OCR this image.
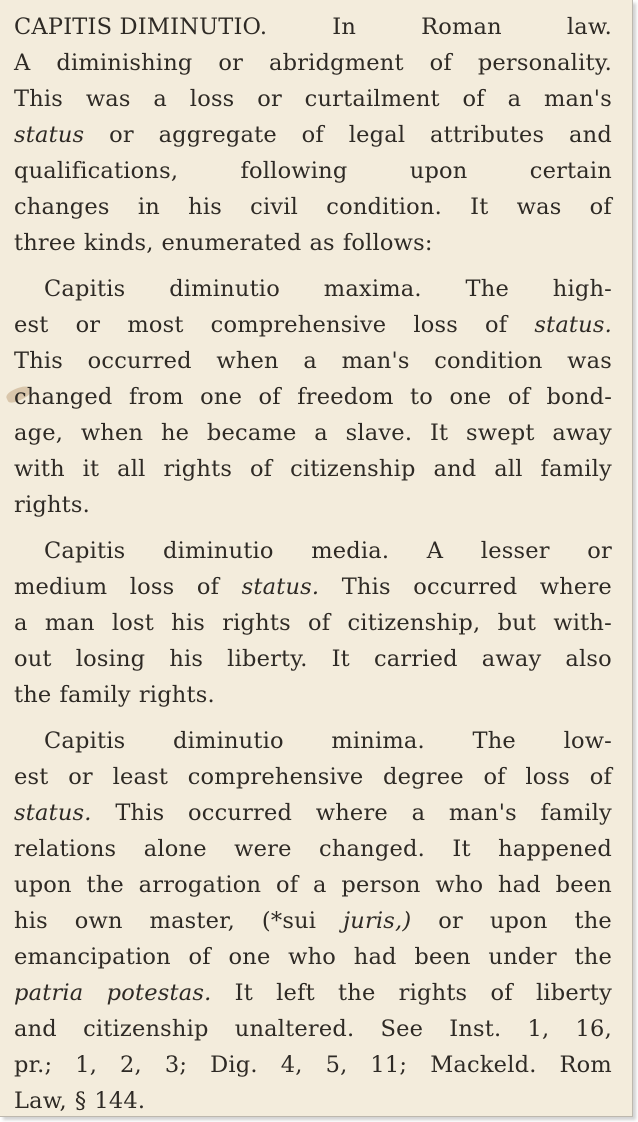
CAPITIS DIMINUTIO.	In	Roman	law.
A diminishing or abridgment of personality.
This was a loss or curtailment of a man's
status or aggregate of legal attributes and
qualifications,	following	upon	certain
changes in his civil condition. It was of
three kinds, enumerated as follows:
Capitis diminutio maxima. The high-
est or most comprehensive loss of status.
This occurred when a man's condition was
changed from one of freedom to one of bond-
age, when he became a slave. It swept away
with it all rights of citizenship and all family
rights.
Capitis diminutio media. A lesser or
medium loss of status. This occurred where
a man lost his rights of citizenship, but with-
out losing his liberty. It carried away also
the family rights.
Capitis diminutio minima. The low-
est or least comprehensive degree of loss of
status. This occurred where a man's family
relations alone were changed. It happened
upon the arrogation of a person who had been
his own master, (*sui juris,) or upon the
emancipation of one who had been under the
patria potestas. It left the rights of liberty
and citizenship unaltered. See Inst. 1, 16,
pr.; 1, 2, 3; Dig. 4, 5, 11; Mackeld. Rom
Law, § 144.
